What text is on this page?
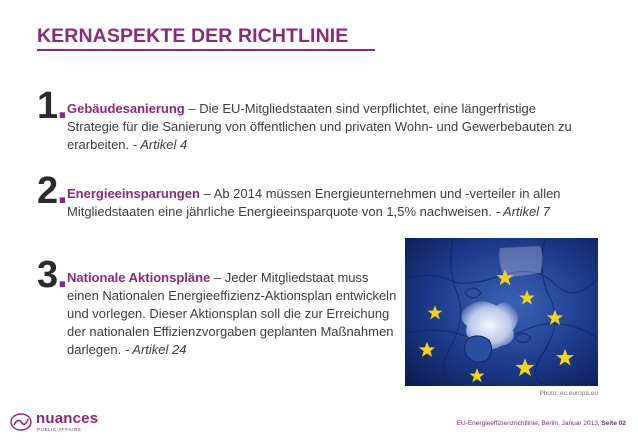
KERNASPEKTE DER RICHTLINIE
1. Gebäudesanierung – Die EU-Mitgliedstaaten sind verpflichtet, eine längerfristige Strategie für die Sanierung von öffentlichen und privaten Wohn- und Gewerbebauten zu erarbeiten. - Artikel 4
2. Energieeinsparungen – Ab 2014 müssen Energieunternehmen und -verteiler in allen Mitgliedstaaten eine jährliche Energieeinsparquote von 1,5% nachweisen. - Artikel 7
3. Nationale Aktionspläne – Jeder Mitgliedstaat muss einen Nationalen Energieeffizienz-Aktionsplan entwickeln und vorlegen. Dieser Aktionsplan soll die zur Erreichung der nationalen Effizienzvorgaben geplanten Maßnahmen darlegen. - Artikel 24
Photo: ec.europa.eu
nuances
PUBLIC AFFAIRS
EU-Energieeffizienzrichtlinie, Berlin, Januar 2013, Seite 02
